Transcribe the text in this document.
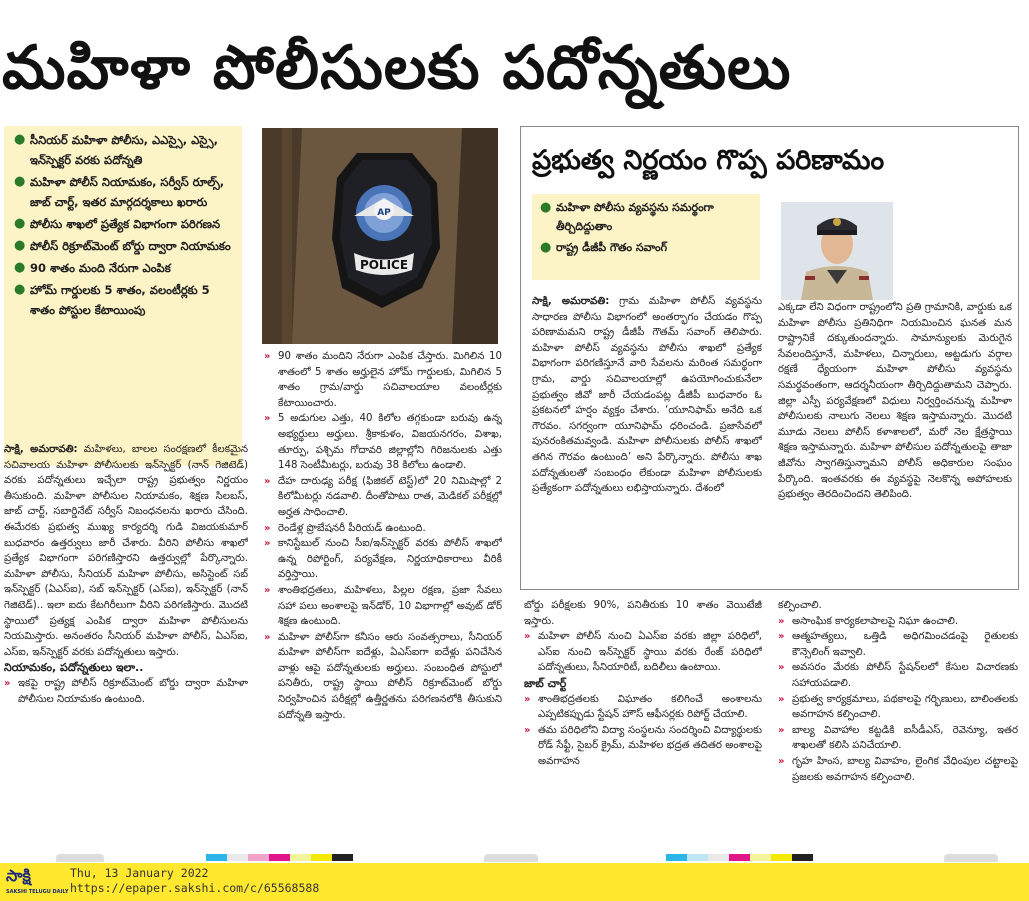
మహిళా పోలీసులకు పదోన్నతులు
● సీనియర్ మహిళా పోలీసు, ఎఎస్సై, ఎస్సై, ఇన్‌స్పెక్టర్ వరకు పదోన్నతి
● మహిళా పోలీస్ నియామకం, సర్వీస్ రూల్స్, జాబ్ చార్ట్, ఇతర మార్గదర్శకాలు ఖరారు
● పోలీసు శాఖలో ప్రత్యేక విభాగంగా పరిగణన
● పోలీస్ రిక్రూట్‌మెంట్ బోర్డు ద్వారా నియామకం
● 90 శాతం మంది నేరుగా ఎంపిక
● హోమ్ గార్డులకు 5 శాతం, వలంటీర్లకు 5 శాతం పోస్టుల కేటాయింపు
AP
POLICE

సాక్షి, అమరావతి: మహిళలు, బాలల సంరక్షణలో కీలకమైన సచివాలయ మహిళా పోలీసులకు ఇన్‌స్పెక్టర్ (నాన్ గెజిటెడ్) వరకు పదోన్నతులు ఇచ్చేలా రాష్ట్ర ప్రభుత్వం నిర్ణయం తీసుకుంది. మహిళా పోలీసుల నియామకం, శిక్షణ సిలబస్, జాబ్ చార్ట్, సబార్డినేట్ సర్వీస్ నిబంధనలను ఖరారు చేసింది. ఈమేరకు ప్రభుత్వ ముఖ్య కార్యదర్శి గుడి విజయకుమార్ బుధవారం ఉత్తర్వులు జారీ చేశారు. వీరిని పోలీసు శాఖలో ప్రత్యేక విభాగంగా పరిగణిస్తారని ఉత్తర్వుల్లో పేర్కొన్నారు. మహిళా పోలీసు, సీనియర్ మహిళా పోలీసు, అసిస్టెంట్ సబ్ ఇన్‌స్పెక్టర్ (ఏఎస్ఐ), సబ్ ఇన్‌స్పెక్టర్ (ఎస్ఐ), ఇన్‌స్పెక్టర్ (నాన్ గెజిటెడ్).. ఇలా ఐదు కేటగిరీలుగా వీరిని పరిగణిస్తారు. మొదటి స్థాయిలో ప్రత్యక్ష ఎంపిక ద్వారా మహిళా పోలీసులను నియమిస్తారు. అనంతరం సీనియర్ మహిళా పోలీస్, ఏఎస్ఐ, ఎస్ఐ, ఇన్‌స్పెక్టర్ వరకు పదోన్నతులు ఇస్తారు.

నియామకం, పదోన్నతులు ఇలా..

» ఇకపై రాష్ట్ర పోలీస్ రిక్రూట్‌మెంట్ బోర్డు ద్వారా మహిళా పోలీసుల నియామకం ఉంటుంది.

» 90 శాతం మందిని నేరుగా ఎంపిక చేస్తారు. మిగిలిన 10 శాతంలో 5 శాతం అర్హులైన హోమ్ గార్డులకు, మిగిలిన 5 శాతం గ్రామ/వార్డు సచివాలయాల వలంటీర్లకు కేటాయించారు.

» 5 అడుగుల ఎత్తు, 40 కిలోల తగ్గకుండా బరువు ఉన్న అభ్యర్థులు అర్హులు. శ్రీకాకుళం, విజయనగరం, విశాఖ, తూర్పు, పశ్చిమ గోదావరి జిల్లాల్లోని గిరిజనులకు ఎత్తు 148 సెంటీమీటర్లు, బరువు 38 కిలోలు ఉండాలి.

» దేహ దారుఢ్య పరీక్ష (ఫిజికల్ టెస్ట్)లో 20 నిమిషాల్లో 2 కిలోమీటర్లు నడవాలి. దీంతోపాటు రాత, మెడికల్ పరీక్షల్లో అర్హత సాధించాలి.

» రెండేళ్ల ప్రొబేషనరీ పీరియడ్ ఉంటుంది.

» కానిస్టేబుల్ నుంచి సీఐ/ఇన్‌స్పెక్టర్ వరకు పోలీస్ శాఖలో ఉన్న రిపోర్టింగ్, పర్యవేక్షణ, నిర్ణయాధికారాలు వీరికీ వర్తిస్తాయి.

» శాంతిభద్రతలు, మహిళలు, పిల్లల రక్షణ, ప్రజా సేవలు సహా పలు అంశాలపై ఇన్‌డోర్, 10 విభాగాల్లో అవుట్ డోర్ శిక్షణ ఉంటుంది.

» మహిళా పోలీస్‌గా కనీసం ఆరు సంవత్సరాలు, సీనియర్ మహిళా పోలీస్‌గా ఐదేళ్లు, ఏఎస్ఐగా ఐదేళ్లు పనిచేసిన వాళ్లు ఆపై పదోన్నతులకు అర్హులు. సంబంధిత పోస్టులో పనితీరు, రాష్ట్ర స్థాయి పోలీస్ రిక్రూట్‌మెంట్ బోర్డు నిర్వహించిన పరీక్షల్లో ఉత్తీర్ణతను పరిగణనలోకి తీసుకుని పదోన్నతి ఇస్తారు.

ప్రభుత్వ నిర్ణయం గొప్ప పరిణామం
● మహిళా పోలీసు వ్యవస్థను సమర్థంగా తీర్చిదిద్దుతాం
● రాష్ట్ర డీజీపీ గౌతం సవాంగ్

సాక్షి, అమరావతి: గ్రామ మహిళా పోలీస్ వ్యవస్థను సాధారణ పోలీసు విభాగంలో అంతర్భాగం చేయడం గొప్ప పరిణామమని రాష్ట్ర డీజీపీ గౌతమ్ సవాంగ్ తెలిపారు. మహిళా పోలీస్ వ్యవస్థను పోలీసు శాఖలో ప్రత్యేక విభాగంగా పరిగణిస్తూనే వారి సేవలను మరింత సమర్థంగా గ్రామ, వార్డు సచివాలయాల్లో ఉపయోగించుకునేలా ప్రభుత్వం జీవో జారీ చేయడంపట్ల డీజీపీ బుధవారం ఓ ప్రకటనలో హర్షం వ్యక్తం చేశారు. ‘యూనిఫామ్ అనేది ఒక గౌరవం. సగర్వంగా యూనిఫామ్ ధరించండి. ప్రజాసేవలో పునరంకితమవ్వండి. మహిళా పోలీసులకు పోలీస్ శాఖలో తగిన గౌరవం ఉంటుంది’ అని పేర్కొన్నారు. పోలీసు శాఖ పదోన్నతులతో సంబంధం లేకుండా మహిళా పోలీసులకు ప్రత్యేకంగా పదోన్నతులు లభిస్తాయన్నారు. దేశంలో

ఎక్కడా లేని విధంగా రాష్ట్రంలోని ప్రతి గ్రామానికి, వార్డుకు ఒక మహిళా పోలీసు ప్రతినిధిగా నియమించిన ఘనత మన రాష్ట్రానికే దక్కుతుందన్నారు. సామాన్యులకు మెరుగైన సేవలందిస్తూనే, మహిళలు, చిన్నారులు, అట్టడుగు వర్గాల రక్షణే ధ్యేయంగా మహిళా పోలీసు వ్యవస్థను సమర్థవంతంగా, ఆదర్శనీయంగా తీర్చిదిద్దుతామని చెప్పారు. జిల్లా ఎస్పీ పర్యవేక్షణలో విధులు నిర్వర్తించనున్న మహిళా పోలీసులకు నాలుగు నెలలు శిక్షణ ఇస్తామన్నారు. మొదటి మూడు నెలలు పోలీస్ కళాశాలలో, మరో నెల క్షేత్రస్థాయి శిక్షణ ఇస్తామన్నారు. మహిళా పోలీసుల పదోన్నతులపై తాజా జీవోను స్వాగతిస్తున్నామని పోలీస్ అధికారుల సంఘం పేర్కొంది. ఇంతవరకు ఈ వ్యవస్థపై నెలకొన్న అపోహలకు ప్రభుత్వం తెరదించిందని తెలిపింది.

బోర్డు పరీక్షలకు 90%, పనితీరుకు 10 శాతం వెయిటేజీ ఇస్తారు.

» మహిళా పోలీస్ నుంచి ఏఎస్ఐ వరకు జిల్లా పరిధిలో, ఎస్ఐ నుంచి ఇన్‌స్పెక్టర్ స్థాయి వరకు రేంజ్ పరిధిలో పదోన్నతులు, సీనియారిటీ, బదిలీలు ఉంటాయి.

జాబ్ చార్ట్

» శాంతిభద్రతలకు విఘాతం కలిగించే అంశాలను ఎప్పటికప్పుడు స్టేషన్ హౌస్ ఆఫీసర్లకు రిపోర్ట్ చేయాలి.

» తమ పరిధిలోని విద్యా సంస్థలను సందర్శించి విద్యార్థులకు రోడ్ సేఫ్టీ, సైబర్ క్రైమ్, మహిళల భద్రత తదితర అంశాలపై అవగాహన

కల్పించాలి.

» అసాంఘిక కార్యకలాపాలపై నిఘా ఉంచాలి.

» ఆత్మహత్యలు, ఒత్తిడి అధిగమించడంపై రైతులకు కౌన్సెలింగ్ ఇవ్వాలి.

» అవసరం మేరకు పోలీస్ స్టేషన్‌లలో కేసుల విచారణకు సహాయపడాలి.

» ప్రభుత్వ కార్యక్రమాలు, పథకాలపై గర్భిణులు, బాలింతలకు అవగాహన కల్పించాలి.

» బాల్య వివాహాల కట్టడికి ఐసీడీఎస్, రెవెన్యూ, ఇతర శాఖలతో కలిసి పనిచేయాలి.

» గృహ హింస, బాల్య వివాహం, లైంగిక వేధింపుల చట్టాలపై ప్రజలకు అవగాహన కల్పించాలి.

సాక్షి
SAKSHI TELUGU DAILY
Thu, 13 January 2022
https://epaper.sakshi.com/c/65568588
